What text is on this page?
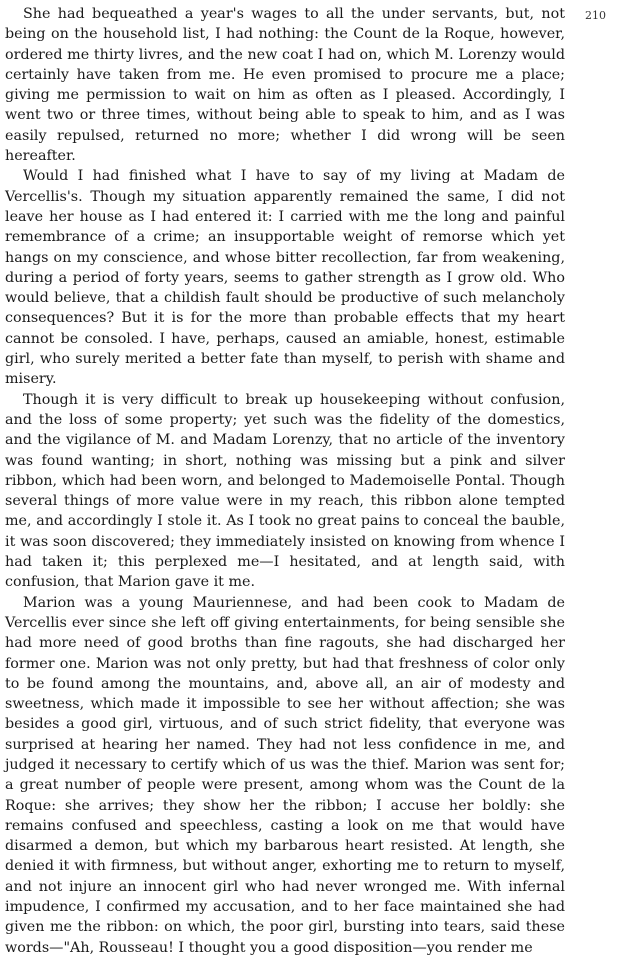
210

She had bequeathed a year's wages to all the under servants, but, not being on the household list, I had nothing: the Count de la Roque, however, ordered me thirty livres, and the new coat I had on, which M. Lorenzy would certainly have taken from me. He even promised to procure me a place; giving me permission to wait on him as often as I pleased. Accordingly, I went two or three times, without being able to speak to him, and as I was easily repulsed, returned no more; whether I did wrong will be seen hereafter.

Would I had finished what I have to say of my living at Madam de Vercellis's. Though my situation apparently remained the same, I did not leave her house as I had entered it: I carried with me the long and painful remembrance of a crime; an insupportable weight of remorse which yet hangs on my conscience, and whose bitter recollection, far from weakening, during a period of forty years, seems to gather strength as I grow old. Who would believe, that a childish fault should be productive of such melancholy consequences? But it is for the more than probable effects that my heart cannot be consoled. I have, perhaps, caused an amiable, honest, estimable girl, who surely merited a better fate than myself, to perish with shame and misery.

Though it is very difficult to break up housekeeping without confusion, and the loss of some property; yet such was the fidelity of the domestics, and the vigilance of M. and Madam Lorenzy, that no article of the inventory was found wanting; in short, nothing was missing but a pink and silver ribbon, which had been worn, and belonged to Mademoiselle Pontal. Though several things of more value were in my reach, this ribbon alone tempted me, and accordingly I stole it. As I took no great pains to conceal the bauble, it was soon discovered; they immediately insisted on knowing from whence I had taken it; this perplexed me—I hesitated, and at length said, with confusion, that Marion gave it me.

Marion was a young Mauriennese, and had been cook to Madam de Vercellis ever since she left off giving entertainments, for being sensible she had more need of good broths than fine ragouts, she had discharged her former one. Marion was not only pretty, but had that freshness of color only to be found among the mountains, and, above all, an air of modesty and sweetness, which made it impossible to see her without affection; she was besides a good girl, virtuous, and of such strict fidelity, that everyone was surprised at hearing her named. They had not less confidence in me, and judged it necessary to certify which of us was the thief. Marion was sent for; a great number of people were present, among whom was the Count de la Roque: she arrives; they show her the ribbon; I accuse her boldly: she remains confused and speechless, casting a look on me that would have disarmed a demon, but which my barbarous heart resisted. At length, she denied it with firmness, but without anger, exhorting me to return to myself, and not injure an innocent girl who had never wronged me. With infernal impudence, I confirmed my accusation, and to her face maintained she had given me the ribbon: on which, the poor girl, bursting into tears, said these words—"Ah, Rousseau! I thought you a good disposition—you render me
